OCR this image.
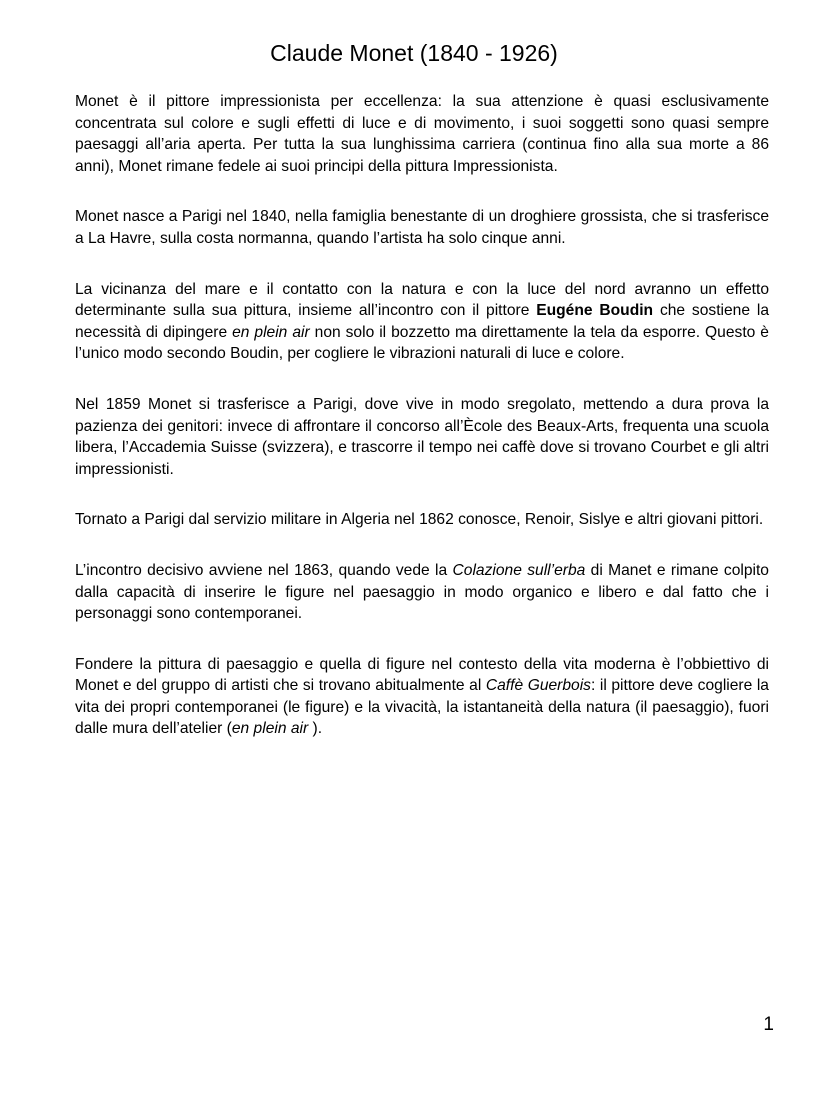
Claude Monet (1840 - 1926)

Monet è il pittore impressionista per eccellenza: la sua attenzione è quasi esclusivamente concentrata sul colore e sugli effetti di luce e di movimento, i suoi soggetti sono quasi sempre paesaggi all’aria aperta. Per tutta la sua lunghissima carriera (continua fino alla sua morte a 86 anni), Monet rimane fedele ai suoi principi della pittura Impressionista.

Monet nasce a Parigi nel 1840, nella famiglia benestante di un droghiere grossista, che si trasferisce a La Havre, sulla costa normanna, quando l’artista ha solo cinque anni.

La vicinanza del mare e il contatto con la natura e con la luce del nord avranno un effetto determinante sulla sua pittura, insieme all’incontro con il pittore Eugéne Boudin che sostiene la necessità di dipingere en plein air non solo il bozzetto ma direttamente la tela da esporre. Questo è l’unico modo secondo Boudin, per cogliere le vibrazioni naturali di luce e colore.

Nel 1859 Monet si trasferisce a Parigi, dove vive in modo sregolato, mettendo a dura prova la pazienza dei genitori: invece di affrontare il concorso all’Ècole des Beaux-Arts, frequenta una scuola libera, l’Accademia Suisse (svizzera), e trascorre il tempo nei caffè dove si trovano Courbet e gli altri impressionisti.

Tornato a Parigi dal servizio militare in Algeria nel 1862 conosce, Renoir, Sislye e altri giovani pittori.

L’incontro decisivo avviene nel 1863, quando vede la Colazione sull’erba di Manet e rimane colpito dalla capacità di inserire le figure nel paesaggio in modo organico e libero e dal fatto che i personaggi sono contemporanei.

Fondere la pittura di paesaggio e quella di figure nel contesto della vita moderna è l’obbiettivo di Monet e del gruppo di artisti che si trovano abitualmente al Caffè Guerbois: il pittore deve cogliere la vita dei propri contemporanei (le figure) e la vivacità, la istantaneità della natura (il paesaggio), fuori dalle mura dell’atelier (en plein air ).

1
